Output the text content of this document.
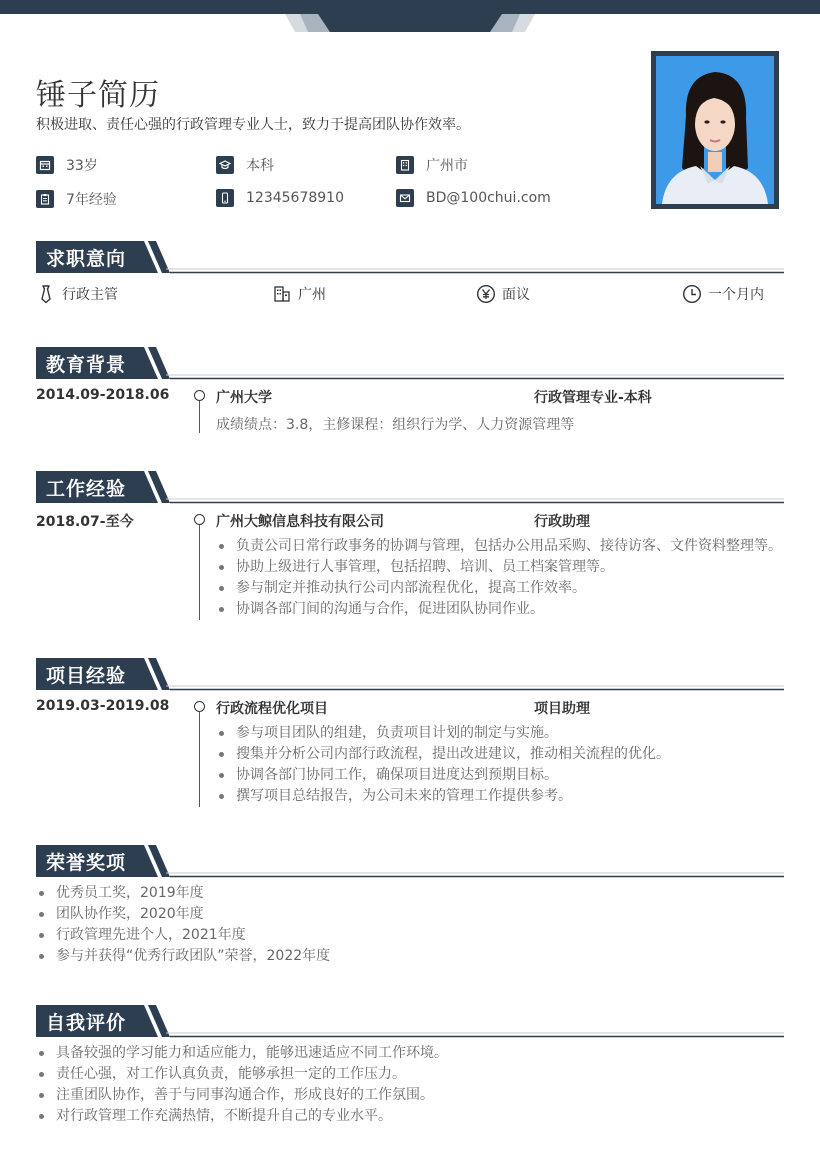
锤子简历
积极进取、责任心强的行政管理专业人士，致力于提高团队协作效率。
33岁	本科	广州市
7年经验	12345678910	BD@100chui.com
求职意向
行政主管	广州	面议	一个月内
教育背景
2014.09-2018.06	广州大学	行政管理专业-本科
成绩绩点：3.8，主修课程：组织行为学、人力资源管理等
工作经验
2018.07-至今	广州大鲸信息科技有限公司	行政助理
负责公司日常行政事务的协调与管理，包括办公用品采购、接待访客、文件资料整理等。
协助上级进行人事管理，包括招聘、培训、员工档案管理等。
参与制定并推动执行公司内部流程优化，提高工作效率。
协调各部门间的沟通与合作，促进团队协同作业。
项目经验
2019.03-2019.08	行政流程优化项目	项目助理
参与项目团队的组建，负责项目计划的制定与实施。
搜集并分析公司内部行政流程，提出改进建议，推动相关流程的优化。
协调各部门协同工作，确保项目进度达到预期目标。
撰写项目总结报告，为公司未来的管理工作提供参考。
荣誉奖项
优秀员工奖，2019年度
团队协作奖，2020年度
行政管理先进个人，2021年度
参与并获得“优秀行政团队”荣誉，2022年度
自我评价
具备较强的学习能力和适应能力，能够迅速适应不同工作环境。
责任心强，对工作认真负责，能够承担一定的工作压力。
注重团队协作，善于与同事沟通合作，形成良好的工作氛围。
对行政管理工作充满热情，不断提升自己的专业水平。
